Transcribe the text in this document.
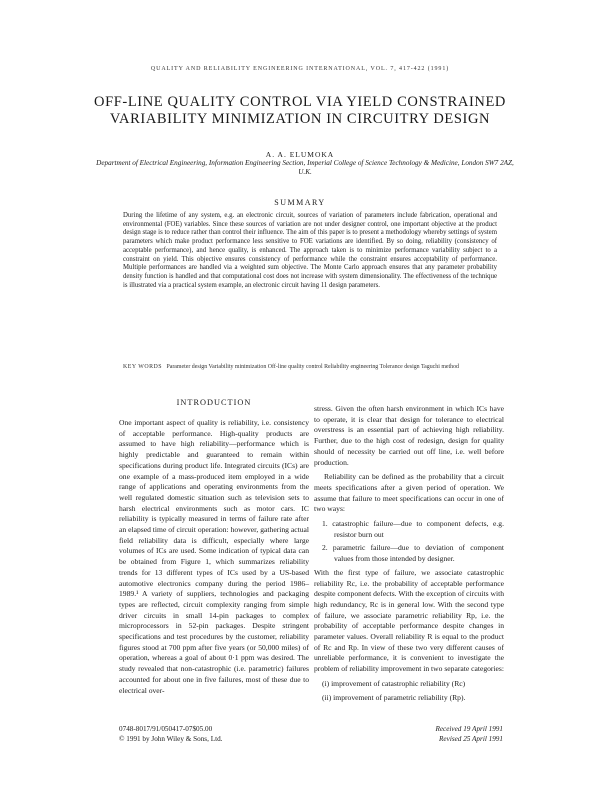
QUALITY AND RELIABILITY ENGINEERING INTERNATIONAL, VOL. 7, 417-422 (1991)
OFF-LINE QUALITY CONTROL VIA YIELD CONSTRAINED VARIABILITY MINIMIZATION IN CIRCUITRY DESIGN
A. A. ELUMOKA
Department of Electrical Engineering, Information Engineering Section, Imperial College of Science Technology & Medicine, London SW7 2AZ, U.K.
SUMMARY
During the lifetime of any system, e.g. an electronic circuit, sources of variation of parameters include fabrication, operational and environmental (FOE) variables. Since these sources of variation are not under designer control, one important objective at the product design stage is to reduce rather than control their influence. The aim of this paper is to present a methodology whereby settings of system parameters which make product performance less sensitive to FOE variations are identified. By so doing, reliability (consistency of acceptable performance), and hence quality, is enhanced. The approach taken is to minimize performance variability subject to a constraint on yield. This objective ensures consistency of performance while the constraint ensures acceptability of performance. Multiple performances are handled via a weighted sum objective. The Monte Carlo approach ensures that any parameter probability density function is handled and that computational cost does not increase with system dimensionality. The effectiveness of the technique is illustrated via a practical system example, an electronic circuit having 11 design parameters.
KEY WORDS Parameter design Variability minimization Off-line quality control Reliability engineering Tolerance design Taguchi method
INTRODUCTION

One important aspect of quality is reliability, i.e. consistency of acceptable performance. High-quality products are assumed to have high reliability—performance which is highly predictable and guaranteed to remain within specifications during product life. Integrated circuits (ICs) are one example of a mass-produced item employed in a wide range of applications and operating environments from the well regulated domestic situation such as television sets to harsh electrical environments such as motor cars. IC reliability is typically measured in terms of failure rate after an elapsed time of circuit operation: however, gathering actual field reliability data is difficult, especially where large volumes of ICs are used. Some indication of typical data can be obtained from Figure 1, which summarizes reliability trends for 13 different types of ICs used by a US-based automotive electronics company during the period 1986–1989.¹ A variety of suppliers, technologies and packaging types are reflected, circuit complexity ranging from simple driver circuits in small 14-pin packages to complex microprocessors in 52-pin packages. Despite stringent specifications and test procedures by the customer, reliability figures stood at 700 ppm after five years (or 50,000 miles) of operation, whereas a goal of about 0·1 ppm was desired. The study revealed that non-catastrophic (i.e. parametric) failures accounted for about one in five failures, most of these due to electrical over-

stress. Given the often harsh environment in which ICs have to operate, it is clear that design for tolerance to electrical overstress is an essential part of achieving high reliability. Further, due to the high cost of redesign, design for quality should of necessity be carried out off line, i.e. well before production.

Reliability can be defined as the probability that a circuit meets specifications after a given period of operation. We assume that failure to meet specifications can occur in one of two ways:

1. catastrophic failure—due to component defects, e.g. resistor burn out
2. parametric failure—due to deviation of component values from those intended by designer.

With the first type of failure, we associate catastrophic reliability Rc, i.e. the probability of acceptable performance despite component defects. With the exception of circuits with high redundancy, Rc is in general low. With the second type of failure, we associate parametric reliability Rp, i.e. the probability of acceptable performance despite changes in parameter values. Overall reliability R is equal to the product of Rc and Rp. In view of these two very different causes of unreliable performance, it is convenient to investigate the problem of reliability improvement in two separate categories:

(i) improvement of catastrophic reliability (Rc)
(ii) improvement of parametric reliability (Rp).
0748-8017/91/050417-07$05.00
© 1991 by John Wiley & Sons, Ltd.
Received 19 April 1991
Revised 25 April 1991
